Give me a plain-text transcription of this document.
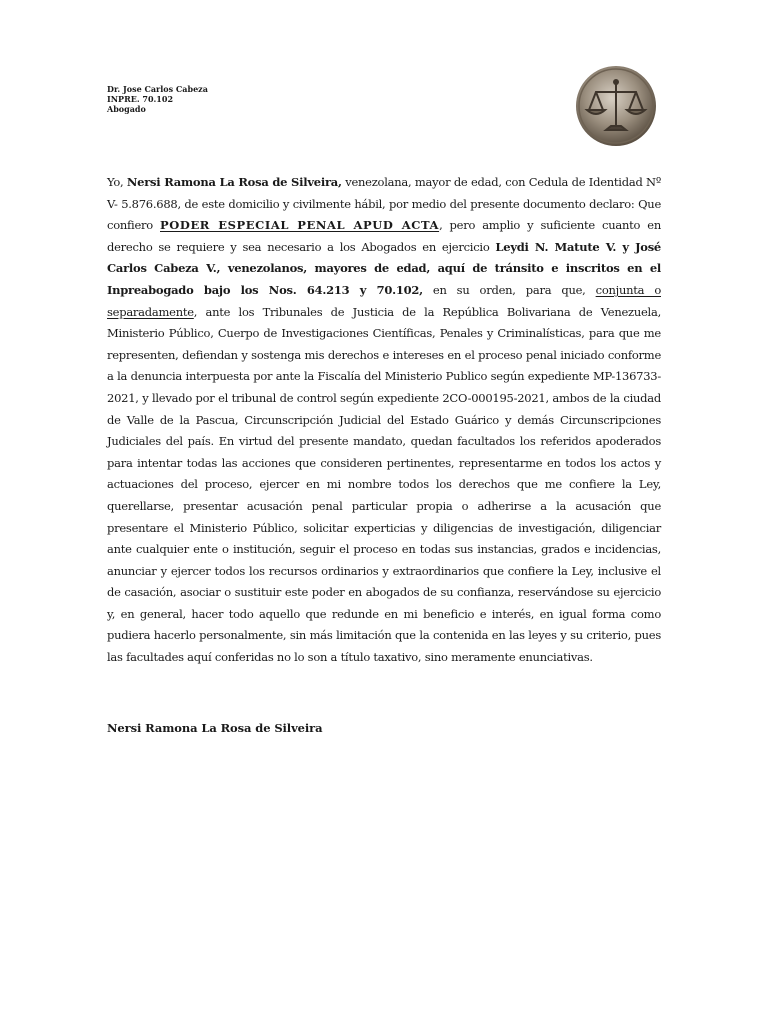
Dr. Jose Carlos Cabeza
INPRE. 70.102
Abogado
Yo, Nersi Ramona La Rosa de Silveira, venezolana, mayor de edad, con Cedula de Identidad Nº V- 5.876.688, de este domicilio y civilmente hábil, por medio del presente documento declaro: Que confiero PODER ESPECIAL PENAL APUD ACTA, pero amplio y suficiente cuanto en derecho se requiere y sea necesario a los Abogados en ejercicio Leydi N. Matute V. y José Carlos Cabeza V., venezolanos, mayores de edad, aquí de tránsito e inscritos en el Inpreabogado bajo los Nos. 64.213 y 70.102, en su orden, para que, conjunta o separadamente, ante los Tribunales de Justicia de la República Bolivariana de Venezuela, Ministerio Público, Cuerpo de Investigaciones Científicas, Penales y Criminalísticas, para que me representen, defiendan y sostenga mis derechos e intereses en el proceso penal iniciado conforme a la denuncia interpuesta por ante la Fiscalía del Ministerio Publico según expediente MP-136733-2021, y llevado por el tribunal de control según expediente 2CO-000195-2021, ambos de la ciudad de Valle de la Pascua, Circunscripción Judicial del Estado Guárico y demás Circunscripciones Judiciales del país. En virtud del presente mandato, quedan facultados los referidos apoderados para intentar todas las acciones que consideren pertinentes, representarme en todos los actos y actuaciones del proceso, ejercer en mi nombre todos los derechos que me confiere la Ley, querellarse, presentar acusación penal particular propia o adherirse a la acusación que presentare el Ministerio Público, solicitar experticias y diligencias de investigación, diligenciar ante cualquier ente o institución, seguir el proceso en todas sus instancias, grados e incidencias, anunciar y ejercer todos los recursos ordinarios y extraordinarios que confiere la Ley, inclusive el de casación, asociar o sustituir este poder en abogados de su confianza, reservándose su ejercicio y, en general, hacer todo aquello que redunde en mi beneficio e interés, en igual forma como pudiera hacerlo personalmente, sin más limitación que la contenida en las leyes y su criterio, pues las facultades aquí conferidas no lo son a título taxativo, sino meramente enunciativas.
Nersi Ramona La Rosa de Silveira
